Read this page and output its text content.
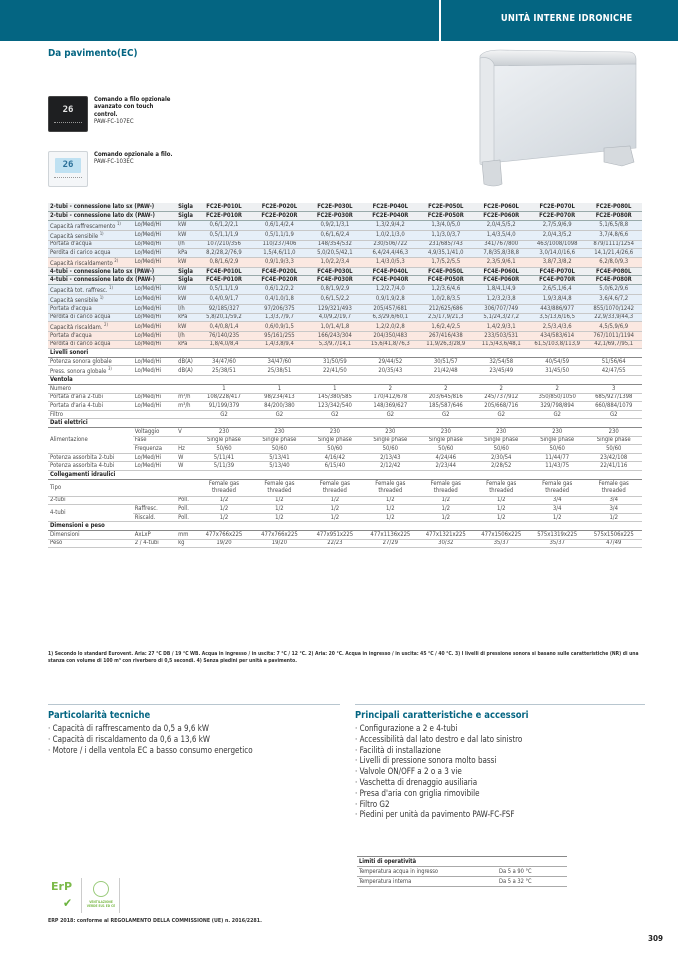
UNITÀ INTERNE IDRONICHE
Da pavimento(EC)
26
Comando a filo opzionale avanzato con touch control.
PAW-FC-107EC
26
Comando opzionale a filo.
PAW-FC-103EC
2-tubi - connessione lato sx (PAW-)		Sigla	FC2E-P010L	FC2E-P020L	FC2E-P030L	FC2E-P040L	FC2E-P050L	FC2E-P060L	FC2E-P070L	FC2E-P080L
2-tubi - connessione lato dx (PAW-)		Sigla	FC2E-P010R	FC2E-P020R	FC2E-P030R	FC2E-P040R	FC2E-P050R	FC2E-P060R	FC2E-P070R	FC2E-P080R
Capacità raffrescamento $^{1)}$	Lo/Med/Hi	kW	0,6/1,2/2,1	0,6/1,4/2,4	0,9/2,1/3,1	1,3/2,9/4,2	1,3/4,0/5,0	2,0/4,5/5,2	2,7/5,9/6,9	5,1/6,5/8,8
Capacità sensibile $^{1)}$	Lo/Med/Hi	kW	0,5/1,1/1,9	0,5/1,1/1,9	0,6/1,6/2,4	1,0/2,1/3,0	1,1/3,0/3,7	1,4/3,5/4,0	2,0/4,3/5,2	3,7/4,8/6,6
Portata d'acqua	Lo/Med/Hi	l/h	107/210/356	110/237/406	148/354/532	230/506/722	231/685/743	341/767/800	463/1008/1098	879/1111/1254
Perdita di carico acqua	Lo/Med/Hi	kPa	8,2/28,2/76,9	1,5/4,6/11,0	5,0/20,5/42,1	6,4/24,4/46,3	4,9/35,1/41,0	7,8/35,8/38,8	3,0/14,0/16,6	14,1/21,4/26,6
Capacità riscaldamento $^{2)}$	Lo/Med/Hi	kW	0,8/1,6/2,9	0,9/1,9/3,3	1,0/2,2/3,4	1,4/3,0/5,3	1,7/5,2/5,5	2,3/5,9/6,1	3,8/7,3/8,2	6,2/8,0/9,3
4-tubi - connessione lato sx (PAW-)		Sigla	FC4E-P010L	FC4E-P020L	FC4E-P030L	FC4E-P040L	FC4E-P050L	FC4E-P060L	FC4E-P070L	FC4E-P080L
4-tubi - connessione lato dx (PAW-)		Sigla	FC4E-P010R	FC4E-P020R	FC4E-P030R	FC4E-P040R	FC4E-P050R	FC4E-P060R	FC4E-P070R	FC4E-P080R
Capacità tot. raffresc. $^{1)}$	Lo/Med/Hi	kW	0,5/1,1/1,9	0,6/1,2/2,2	0,8/1,9/2,9	1,2/2,7/4,0	1,2/3,6/4,6	1,8/4,1/4,9	2,6/5,1/6,4	5,0/6,2/9,6
Capacità sensibile $^{1)}$	Lo/Med/Hi	kW	0,4/0,9/1,7	0,4/1,0/1,8	0,6/1,5/2,2	0,9/1,9/2,8	1,0/2,8/3,5	1,2/3,2/3,8	1,9/3,8/4,8	3,6/4,6/7,2
Portata d'acqua	Lo/Med/Hi	l/h	92/185/327	97/206/375	129/321/493	205/457/681	212/625/686	306/707/749	443/886/977	855/1070/1242
Perdita di carico acqua	Lo/Med/Hi	kPa	5,8/20,1/59,2	1,3/3,7/9,7	4,0/9,2/19,7	6,3/29,6/60,1	2,5/17,9/21,3	5,1/24,3/27,2	3,5/13,6/16,5	22,9/33,9/44,3
Capacità riscaldam. $^{2)}$	Lo/Med/Hi	kW	0,4/0,8/1,4	0,6/0,9/1,5	1,0/1,4/1,8	1,2/2,0/2,8	1,6/2,4/2,5	1,4/2,9/3,1	2,5/3,4/3,6	4,5/5,9/6,9
Portata d'acqua	Lo/Med/Hi	l/h	76/140/235	95/161/255	166/243/304	204/350/483	267/416/438	233/503/531	434/583/614	767/1011/1194
Perdita di carico acqua	Lo/Med/Hi	kPa	1,8/4,0/8,4	1,4/3,8/9,4	5,3/9,7/14,1	15,6/41,8/76,3	11,9/26,3/28,9	11,5/43,6/48,1	61,5/103,8/113,9	42,1/69,7/95,1
Livelli sonori										
Potenza sonora globale	Lo/Med/Hi	dB(A)	34/47/60	34/47/60	31/50/59	29/44/52	30/51/57	32/54/58	40/54/59	51/56/64
Press. sonora globale $^{3)}$	Lo/Med/Hi	dB(A)	25/38/51	25/38/51	22/41/50	20/35/43	21/42/48	23/45/49	31/45/50	42/47/55
Ventola										
Numero			1	1	1	2	2	2	2	3
Portata d'aria 2-tubi	Lo/Med/Hi	m³/h	108/228/417	98/234/413	145/380/585	170/412/678	203/645/816	245/737/912	350/850/1050	685/927/1398
Portata d'aria 4-tubi	Lo/Med/Hi	m³/h	91/199/379	84/200/380	123/342/540	148/369/627	185/587/646	205/668/716	329/798/894	660/884/1079
Filtro			G2	G2	G2	G2	G2	G2	G2	G2
Dati elettrici										
Alimentazione	Voltaggio	V	230	230	230	230	230	230	230	230
	Fase		Single phase	Single phase	Single phase	Single phase	Single phase	Single phase	Single phase	Single phase
	Frequenza	Hz	50/60	50/60	50/60	50/60	50/60	50/60	50/60	50/60
Potenza assorbita 2-tubi	Lo/Med/Hi	W	5/11/41	5/13/41	4/16/42	2/13/43	4/24/46	2/30/54	11/44/77	23/42/108
Potenza assorbita 4-tubi	Lo/Med/Hi	W	5/11/39	5/13/40	6/15/40	2/12/42	2/23/44	2/28/52	11/43/75	22/41/116
Collegamenti idraulici										
Tipo			Female gas threaded	Female gas threaded	Female gas threaded	Female gas threaded	Female gas threaded	Female gas threaded	Female gas threaded	Female gas threaded
2-tubi		Poll.	1/2	1/2	1/2	1/2	1/2	1/2	3/4	3/4
4-tubi	Raffresc.	Poll.	1/2	1/2	1/2	1/2	1/2	1/2	3/4	3/4
	Riscald.	Poll.	1/2	1/2	1/2	1/2	1/2	1/2	1/2	1/2
Dimensioni e peso										
Dimensioni	AxLxP	mm	477x766x225	477x766x225	477x951x225	477x1136x225	477x1321x225	477x1506x225	575x1319x225	575x1506x225
Peso	2 / 4-tubi	kg	19/20	19/20	22/23	27/29	30/32	35/37	35/37	47/49
1) Secondo lo standard Eurovent. Aria: 27 °C DB / 19 °C WB. Acqua in ingresso / in uscita: 7 °C / 12 °C. 2) Aria: 20 °C. Acqua in ingresso / in uscita: 45 °C / 40 °C. 3) I livelli di pressione sonora si basano sulle caratteristiche (NR) di una stanza con volume di 100 m³ con riverbero di 0,5 secondi. 4) Senza piedini per unità a pavimento.
Particolarità tecniche
· Capacità di raffrescamento da 0,5 a 9,6 kW
· Capacità di riscaldamento da 0,6 a 13,6 kW
· Motore / i della ventola EC a basso consumo energetico
Principali caratteristiche e accessori
· Configurazione a 2 e 4-tubi
· Accessibilità dal lato destro e dal lato sinistro
· Facilità di installazione
· Livelli di pressione sonora molto bassi
· Valvole ON/OFF a 2 o a 3 vie
· Vaschetta di drenaggio ausiliaria
· Presa d'aria con griglia rimovibile
· Filtro G2
· Piedini per unità da pavimento PAW-FC-FSF
Limiti di operatività	
Temperatura acqua in ingresso	Da 5 a 90 °C
Temperatura interna	Da 5 a 32 °C
ErP
✔	VENTILAZIONE VERDE EU1 ED CE
ERP 2018: conforme al REGOLAMENTO DELLA COMMISSIONE (UE) n. 2016/2281.
309
